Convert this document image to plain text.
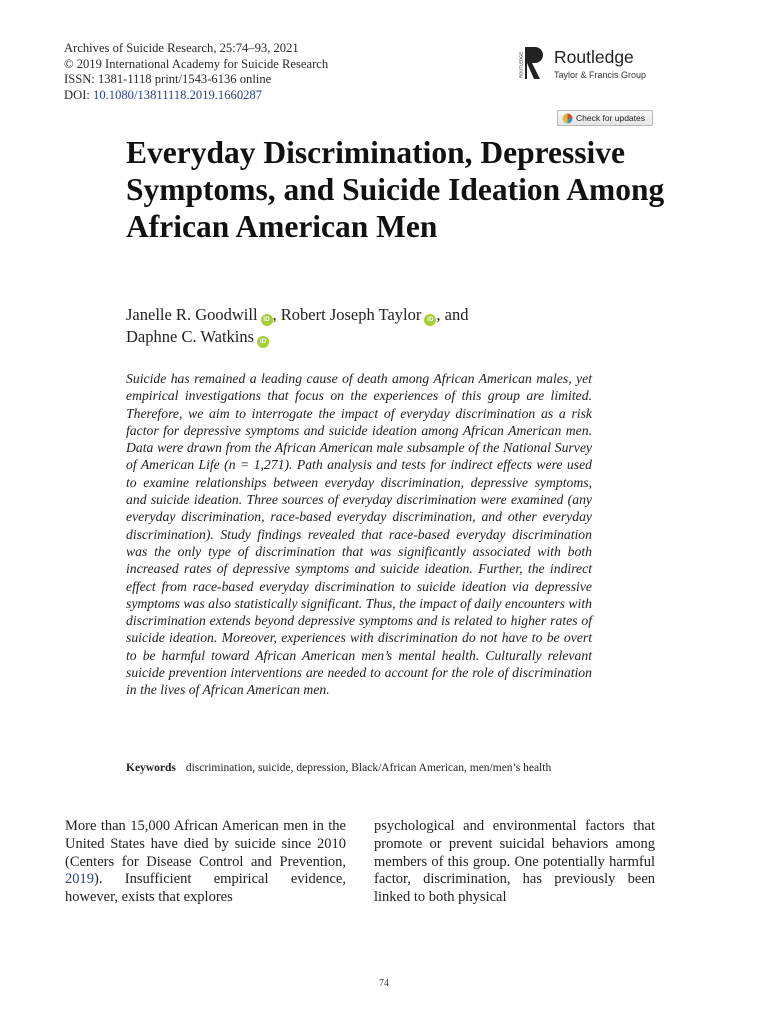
Archives of Suicide Research, 25:74–93, 2021
© 2019 International Academy for Suicide Research
ISSN: 1381-1118 print/1543-6136 online
DOI: 10.1080/13811118.2019.1660287
ROUTLEDGE Routledge
Taylor & Francis Group
Check for updates
Everyday Discrimination, Depressive Symptoms, and Suicide Ideation Among African American Men
Janelle R. Goodwill iD , Robert Joseph Taylor iD , and
Daphne C. Watkins iD
Suicide has remained a leading cause of death among African American males, yet empirical investigations that focus on the experiences of this group are limited. Therefore, we aim to interrogate the impact of everyday discrimination as a risk factor for depressive symptoms and suicide ideation among African American men. Data were drawn from the African American male subsample of the National Survey of American Life (n = 1,271). Path analysis and tests for indirect effects were used to examine relationships between everyday discrimination, depressive symptoms, and suicide ideation. Three sources of everyday discrimination were examined (any everyday discrimination, race-based everyday discrimination, and other everyday discrimination). Study findings revealed that race-based everyday discrimination was the only type of discrimination that was significantly associated with both increased rates of depressive symptoms and suicide ideation. Further, the indirect effect from race-based everyday discrimination to suicide ideation via depressive symptoms was also statistically significant. Thus, the impact of daily encounters with discrimination extends beyond depressive symptoms and is related to higher rates of suicide ideation. Moreover, experiences with discrimination do not have to be overt to be harmful toward African American men’s mental health. Culturally relevant suicide prevention interventions are needed to account for the role of discrimination in the lives of African American men.
Keywords discrimination, suicide, depression, Black/African American, men/men’s health
More than 15,000 African American men in the United States have died by suicide since 2010 (Centers for Disease Control and Prevention, 2019). Insufficient empirical evidence, however, exists that explores
psychological and environmental factors that promote or prevent suicidal behaviors among members of this group. One potentially harmful factor, discrimination, has previously been linked to both physical
74
